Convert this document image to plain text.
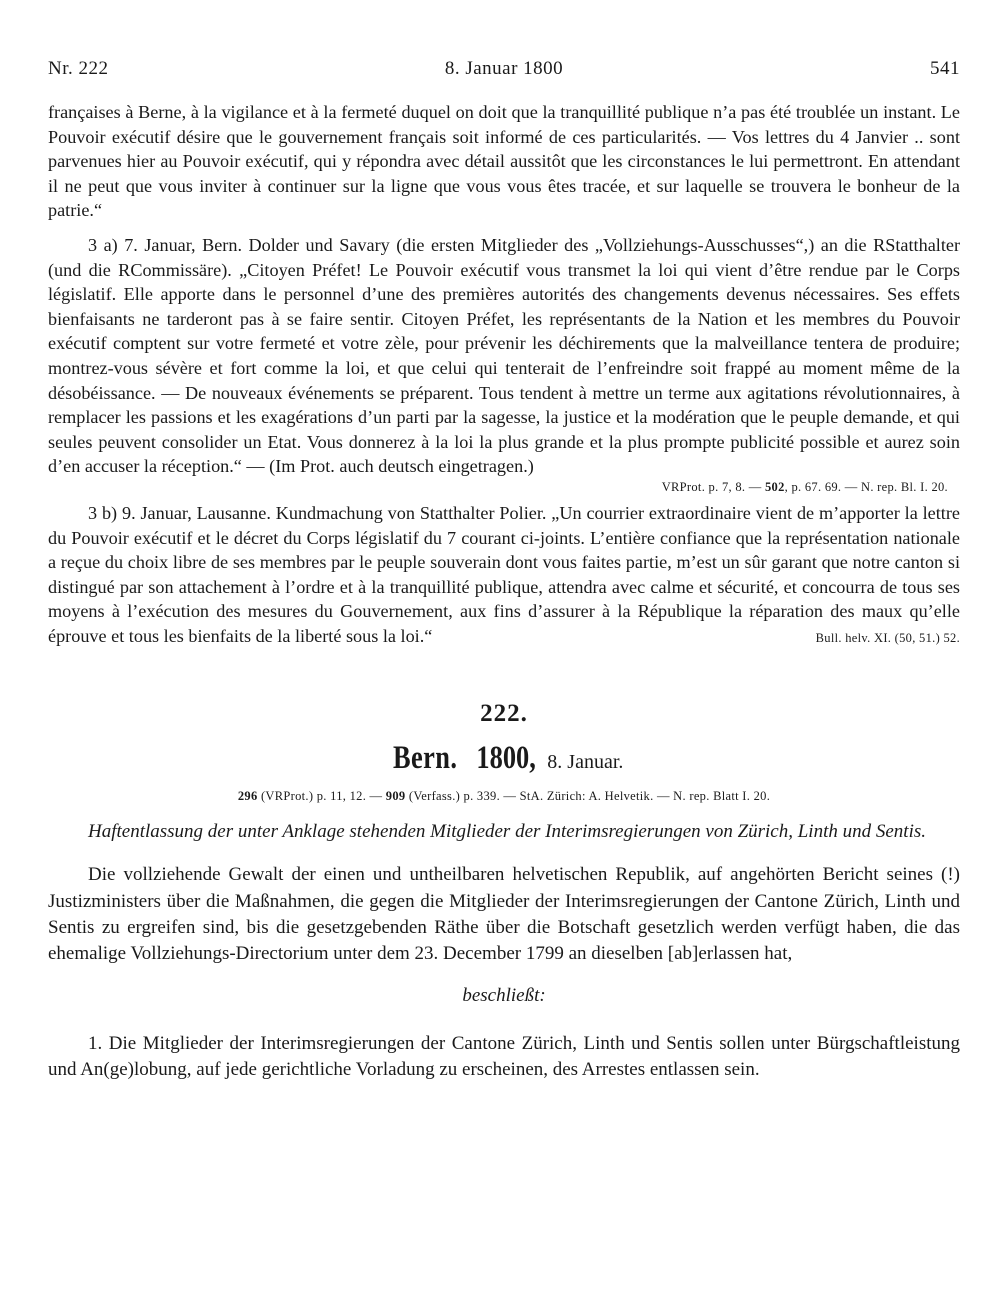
Nr. 222	8. Januar 1800	541

françaises à Berne, à la vigilance et à la fermeté duquel on doit que la tranquillité publique n’a pas été troublée un instant. Le Pouvoir exécutif désire que le gouvernement français soit informé de ces particularités. — Vos lettres du 4 Janvier .. sont parvenues hier au Pouvoir exécutif, qui y répondra avec détail aussitôt que les circonstances le lui permettront. En attendant il ne peut que vous inviter à continuer sur la ligne que vous vous êtes tracée, et sur laquelle se trouvera le bonheur de la patrie.“

3 a) 7. Januar, Bern. Dolder und Savary (die ersten Mitglieder des „Vollziehungs-Ausschusses“,) an die RStatthalter (und die RCommissäre). „Citoyen Préfet! Le Pouvoir exécutif vous transmet la loi qui vient d’être rendue par le Corps législatif. Elle apporte dans le personnel d’une des premières autorités des changements devenus nécessaires. Ses effets bienfaisants ne tarderont pas à se faire sentir. Citoyen Préfet, les représentants de la Nation et les membres du Pouvoir exécutif comptent sur votre fermeté et votre zèle, pour prévenir les déchirements que la malveillance tentera de produire; montrez-vous sévère et fort comme la loi, et que celui qui tenterait de l’enfreindre soit frappé au moment même de la désobéissance. — De nouveaux événements se préparent. Tous tendent à mettre un terme aux agitations révolutionnaires, à remplacer les passions et les exagérations d’un parti par la sagesse, la justice et la modération que le peuple demande, et qui seules peuvent consolider un Etat. Vous donnerez à la loi la plus grande et la plus prompte publicité possible et aurez soin d’en accuser la réception.“ — (Im Prot. auch deutsch eingetragen.)

VRProt. p. 7, 8. — 502, p. 67. 69. — N. rep. Bl. I. 20.

3 b) 9. Januar, Lausanne. Kundmachung von Statthalter Polier. „Un courrier extraordinaire vient de m’apporter la lettre du Pouvoir exécutif et le décret du Corps législatif du 7 courant ci-joints. L’entière confiance que la représentation nationale a reçue du choix libre de ses membres par le peuple souverain dont vous faites partie, m’est un sûr garant que notre canton si distingué par son attachement à l’ordre et à la tranquillité publique, attendra avec calme et sécurité, et concourra de tous ses moyens à l’exécution des mesures du Gouvernement, aux fins d’assurer à la République la réparation des maux qu’elle éprouve et tous les bienfaits de la liberté sous la loi.“	Bull. helv. XI. (50, 51.) 52.

222.
Bern. 1800, 8. Januar.
296 (VRProt.) p. 11, 12. — 909 (Verfass.) p. 339. — StA. Zürich: A. Helvetik. — N. rep. Blatt I. 20.

Haftentlassung der unter Anklage stehenden Mitglieder der Interimsregierungen von Zürich, Linth und Sentis.

Die vollziehende Gewalt der einen und untheilbaren helvetischen Republik, auf angehörten Bericht seines (!) Justizministers über die Maßnahmen, die gegen die Mitglieder der Interimsregierungen der Cantone Zürich, Linth und Sentis zu ergreifen sind, bis die gesetzgebenden Räthe über die Botschaft gesetzlich werden verfügt haben, die das ehemalige Vollziehungs-Directorium unter dem 23. December 1799 an dieselben [ab]erlassen hat,

beschließt:

1. Die Mitglieder der Interimsregierungen der Cantone Zürich, Linth und Sentis sollen unter Bürgschaftleistung und An(ge)lobung, auf jede gerichtliche Vorladung zu erscheinen, des Arrestes entlassen sein.
